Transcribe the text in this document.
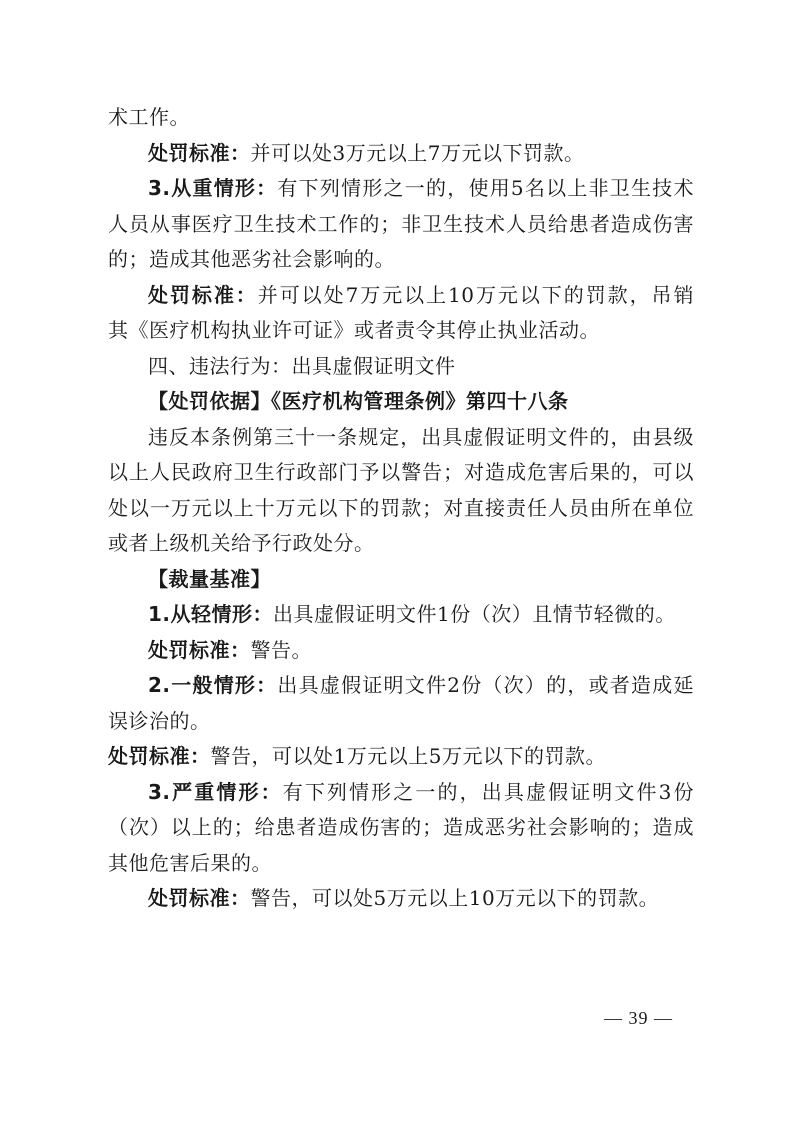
术工作。
处罚标准：并可以处3万元以上7万元以下罚款。
3.从重情形：有下列情形之一的，使用5名以上非卫生技术
人员从事医疗卫生技术工作的；非卫生技术人员给患者造成伤害
的；造成其他恶劣社会影响的。
处罚标准：并可以处7万元以上10万元以下的罚款，吊销
其《医疗机构执业许可证》或者责令其停止执业活动。
四、违法行为：出具虚假证明文件
【处罚依据】《医疗机构管理条例》第四十八条
违反本条例第三十一条规定，出具虚假证明文件的，由县级
以上人民政府卫生行政部门予以警告；对造成危害后果的，可以
处以一万元以上十万元以下的罚款；对直接责任人员由所在单位
或者上级机关给予行政处分。
【裁量基准】
1.从轻情形：出具虚假证明文件1份（次）且情节轻微的。
处罚标准：警告。
2.一般情形：出具虚假证明文件2份（次）的，或者造成延
误诊治的。
处罚标准：警告，可以处1万元以上5万元以下的罚款。
3.严重情形：有下列情形之一的，出具虚假证明文件3份
（次）以上的；给患者造成伤害的；造成恶劣社会影响的；造成
其他危害后果的。
处罚标准：警告，可以处5万元以上10万元以下的罚款。
— 39 —
